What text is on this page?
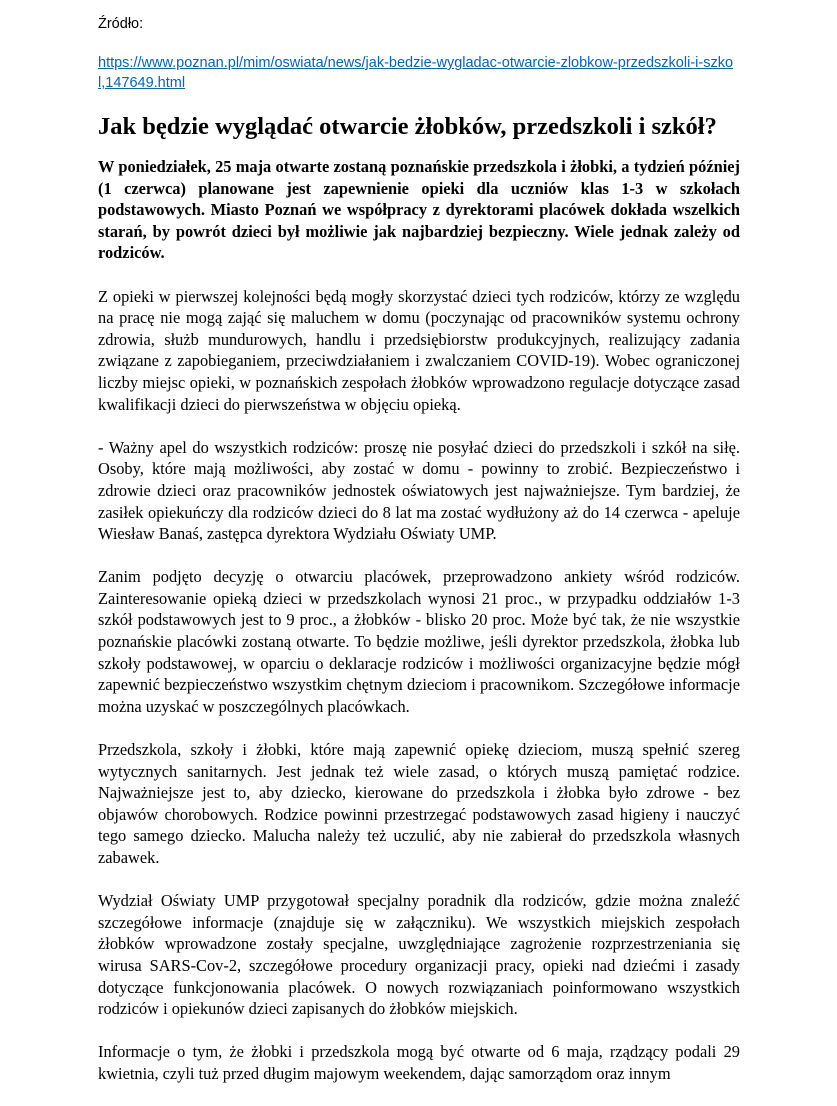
Źródło:

https://www.poznan.pl/mim/oswiata/news/jak-bedzie-wygladac-otwarcie-zlobkow-przedszkoli-i-szkol,147649.html
Jak będzie wyglądać otwarcie żłobków, przedszkoli i szkół?

W poniedziałek, 25 maja otwarte zostaną poznańskie przedszkola i żłobki, a tydzień później (1 czerwca) planowane jest zapewnienie opieki dla uczniów klas 1-3 w szkołach podstawowych. Miasto Poznań we współpracy z dyrektorami placówek dokłada wszelkich starań, by powrót dzieci był możliwie jak najbardziej bezpieczny. Wiele jednak zależy od rodziców.

Z opieki w pierwszej kolejności będą mogły skorzystać dzieci tych rodziców, którzy ze względu na pracę nie mogą zająć się maluchem w domu (poczynając od pracowników systemu ochrony zdrowia, służb mundurowych, handlu i przedsiębiorstw produkcyjnych, realizujący zadania związane z zapobieganiem, przeciwdziałaniem i zwalczaniem COVID-19). Wobec ograniczonej liczby miejsc opieki, w poznańskich zespołach żłobków wprowadzono regulacje dotyczące zasad kwalifikacji dzieci do pierwszeństwa w objęciu opieką.

- Ważny apel do wszystkich rodziców: proszę nie posyłać dzieci do przedszkoli i szkół na siłę. Osoby, które mają możliwości, aby zostać w domu - powinny to zrobić. Bezpieczeństwo i zdrowie dzieci oraz pracowników jednostek oświatowych jest najważniejsze. Tym bardziej, że zasiłek opiekuńczy dla rodziców dzieci do 8 lat ma zostać wydłużony aż do 14 czerwca - apeluje Wiesław Banaś, zastępca dyrektora Wydziału Oświaty UMP.

Zanim podjęto decyzję o otwarciu placówek, przeprowadzono ankiety wśród rodziców. Zainteresowanie opieką dzieci w przedszkolach wynosi 21 proc., w przypadku oddziałów 1-3 szkół podstawowych jest to 9 proc., a żłobków - blisko 20 proc. Może być tak, że nie wszystkie poznańskie placówki zostaną otwarte. To będzie możliwe, jeśli dyrektor przedszkola, żłobka lub szkoły podstawowej, w oparciu o deklaracje rodziców i możliwości organizacyjne będzie mógł zapewnić bezpieczeństwo wszystkim chętnym dzieciom i pracownikom. Szczegółowe informacje można uzyskać w poszczególnych placówkach.

Przedszkola, szkoły i żłobki, które mają zapewnić opiekę dzieciom, muszą spełnić szereg wytycznych sanitarnych. Jest jednak też wiele zasad, o których muszą pamiętać rodzice. Najważniejsze jest to, aby dziecko, kierowane do przedszkola i żłobka było zdrowe - bez objawów chorobowych. Rodzice powinni przestrzegać podstawowych zasad higieny i nauczyć tego samego dziecko. Malucha należy też uczulić, aby nie zabierał do przedszkola własnych zabawek.

Wydział Oświaty UMP przygotował specjalny poradnik dla rodziców, gdzie można znaleźć szczegółowe informacje (znajduje się w załączniku). We wszystkich miejskich zespołach żłobków wprowadzone zostały specjalne, uwzględniające zagrożenie rozprzestrzeniania się wirusa SARS-Cov-2, szczegółowe procedury organizacji pracy, opieki nad dziećmi i zasady dotyczące funkcjonowania placówek. O nowych rozwiązaniach poinformowano wszystkich rodziców i opiekunów dzieci zapisanych do żłobków miejskich.

Informacje o tym, że żłobki i przedszkola mogą być otwarte od 6 maja, rządzący podali 29 kwietnia, czyli tuż przed długim majowym weekendem, dając samorządom oraz innym
